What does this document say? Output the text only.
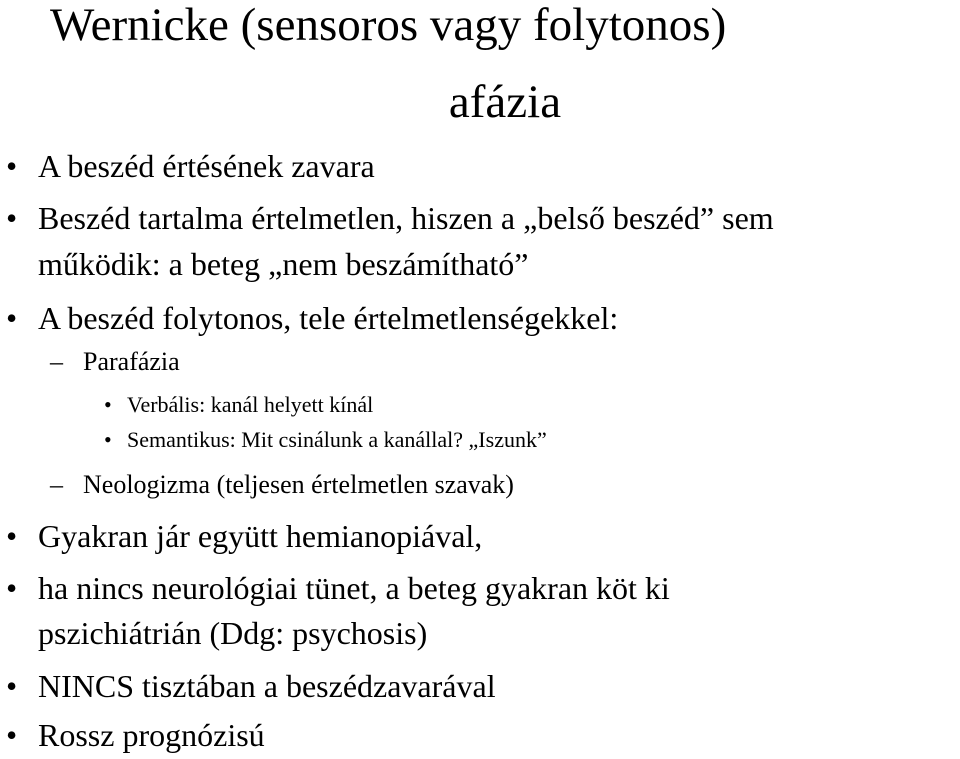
Wernicke (sensoros vagy folytonos)
afázia
• A beszéd értésének zavara
• Beszéd tartalma értelmetlen, hiszen a „belső beszéd” sem
működik: a beteg „nem beszámítható”
• A beszéd folytonos, tele értelmetlenségekkel:
– Parafázia
• Verbális: kanál helyett kínál
• Semantikus: Mit csinálunk a kanállal? „Iszunk”
– Neologizma (teljesen értelmetlen szavak)
• Gyakran jár együtt hemianopiával,
• ha nincs neurológiai tünet, a beteg gyakran köt ki
pszichiátrián (Ddg: psychosis)
• NINCS tisztában a beszédzavarával
• Rossz prognózisú
